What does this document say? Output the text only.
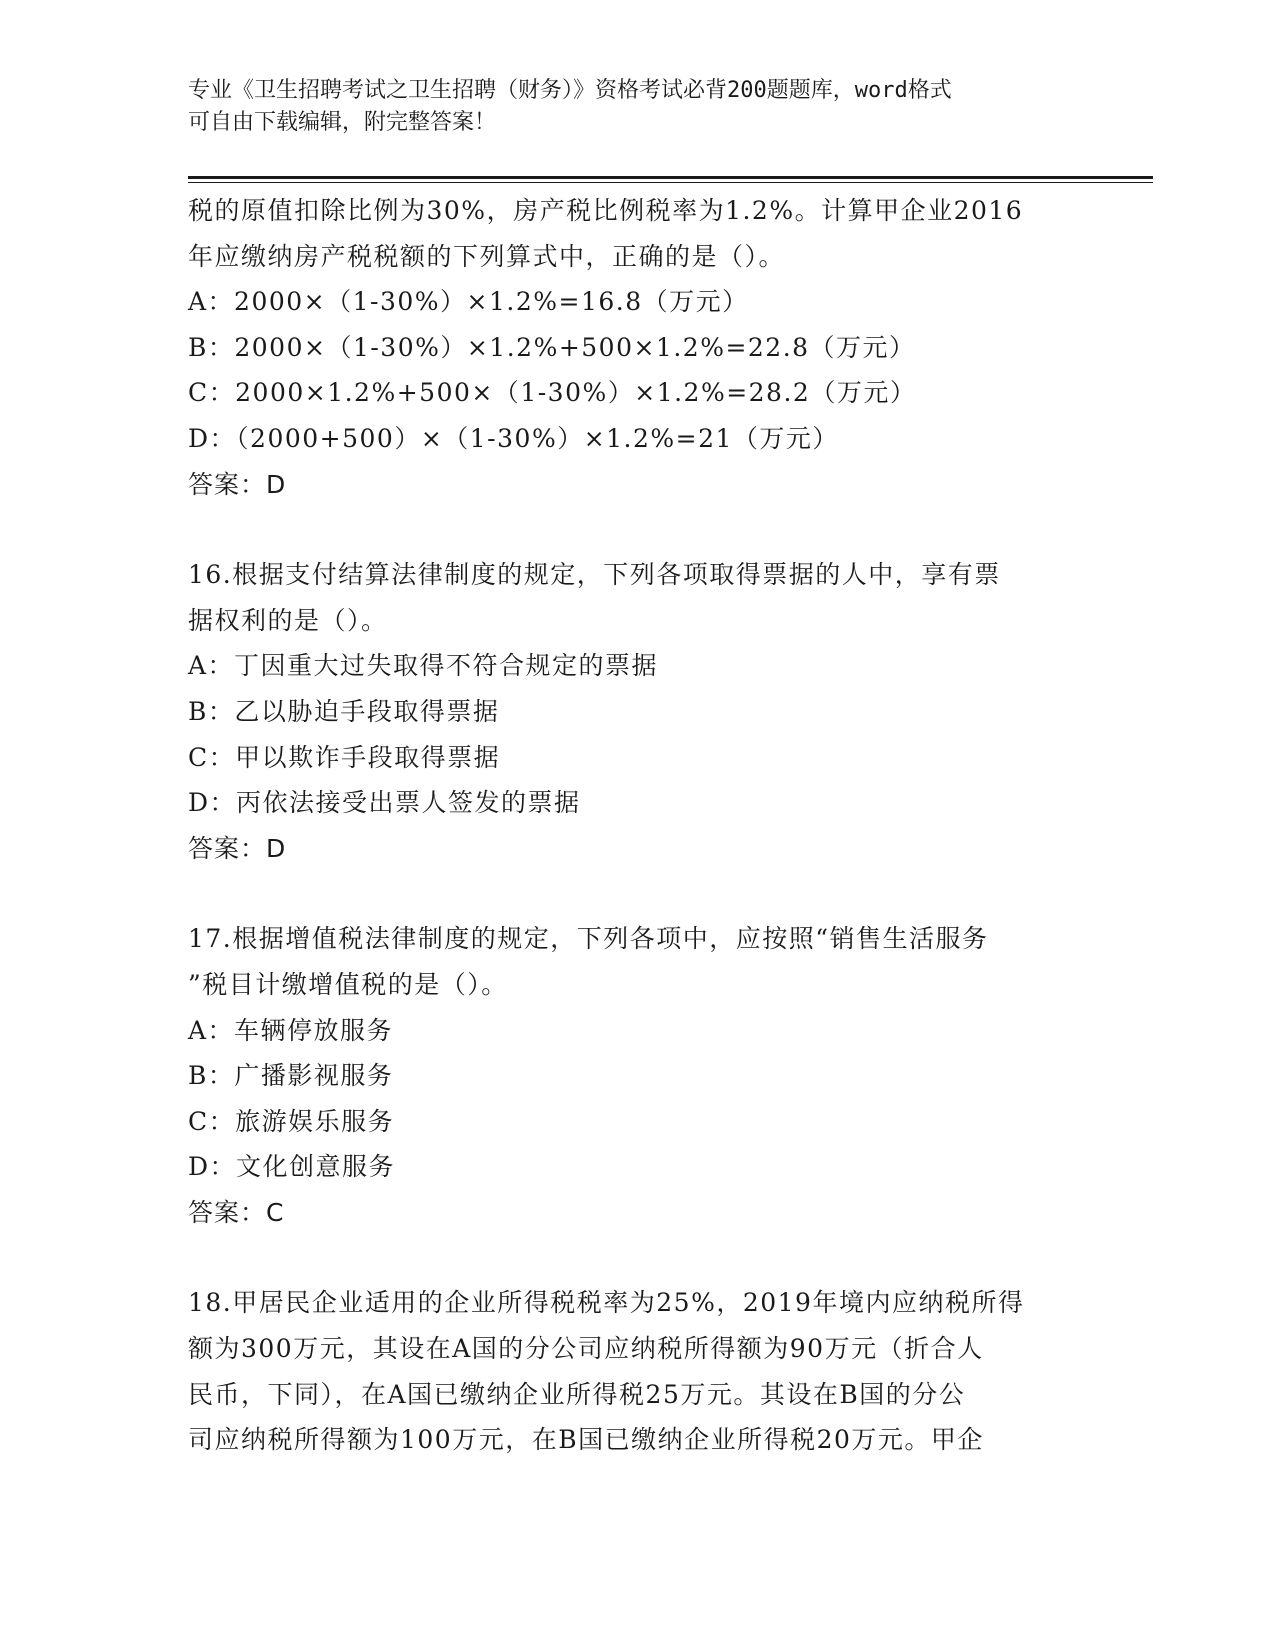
专业《卫生招聘考试之卫生招聘（财务）》资格考试必背200题题库，word格式
可自由下载编辑，附完整答案！
税的原值扣除比例为30%，房产税比例税率为1.2%。计算甲企业2016
年应缴纳房产税税额的下列算式中，正确的是（）。
A：2000×（1-30%）×1.2%=16.8（万元）
B：2000×（1-30%）×1.2%+500×1.2%=22.8（万元）
C：2000×1.2%+500×（1-30%）×1.2%=28.2（万元）
D：（2000+500）×（1-30%）×1.2%=21（万元）
答案：D
16.根据支付结算法律制度的规定，下列各项取得票据的人中，享有票
据权利的是（）。
A：丁因重大过失取得不符合规定的票据
B：乙以胁迫手段取得票据
C：甲以欺诈手段取得票据
D：丙依法接受出票人签发的票据
答案：D
17.根据增值税法律制度的规定，下列各项中，应按照“销售生活服务
”税目计缴增值税的是（）。
A：车辆停放服务
B：广播影视服务
C：旅游娱乐服务
D：文化创意服务
答案：C
18.甲居民企业适用的企业所得税税率为25%，2019年境内应纳税所得
额为300万元，其设在A国的分公司应纳税所得额为90万元（折合人
民币，下同），在A国已缴纳企业所得税25万元。其设在B国的分公
司应纳税所得额为100万元，在B国已缴纳企业所得税20万元。甲企
